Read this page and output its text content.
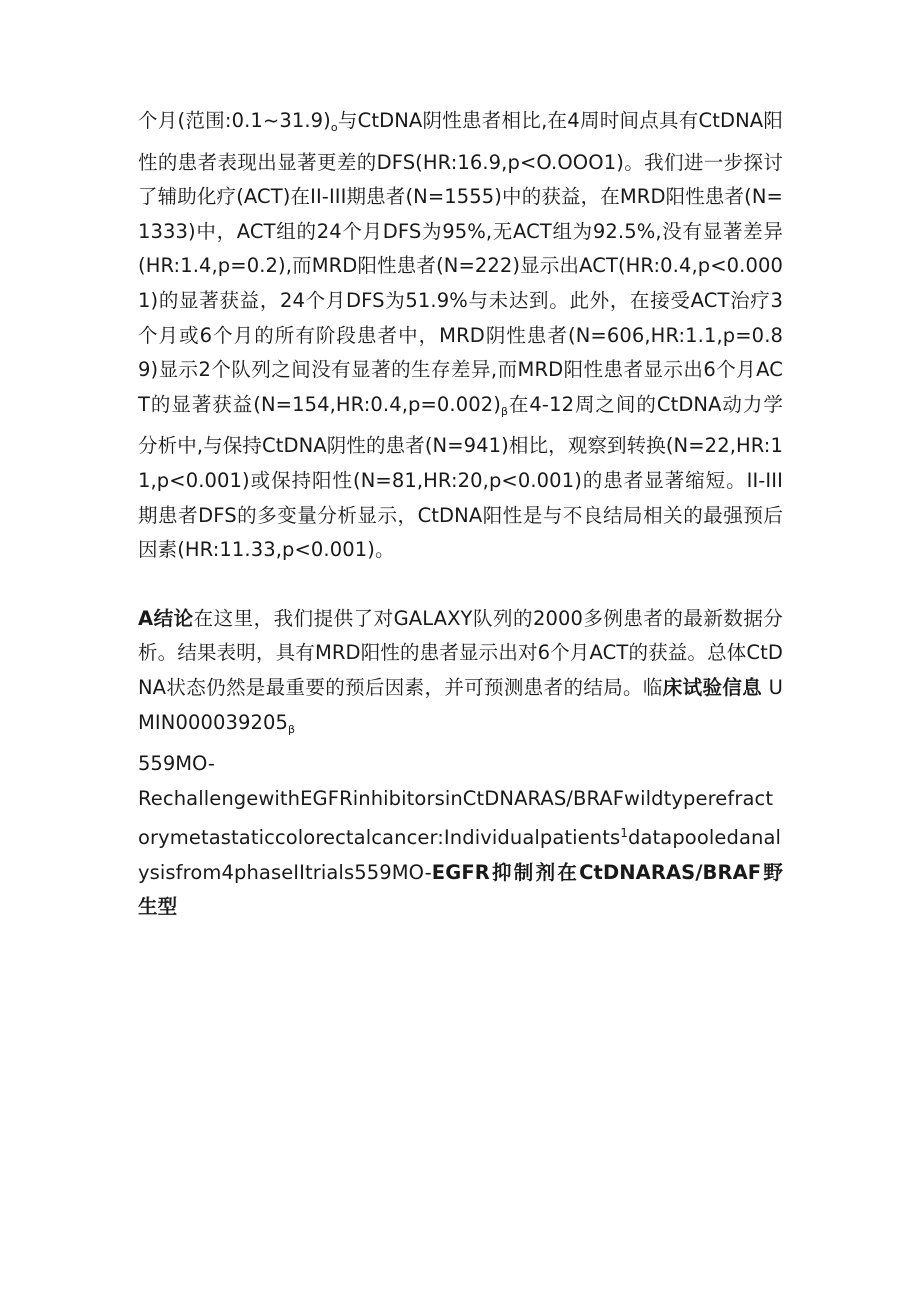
个月(范围$:0.1\sim 31.9)_o$与CtDNA阴性患者相比,在4周时间点具有CtDNA阳性的患者表现出显著更差的DFS(HR:16.9,p<O.OOO1)。我们进一步探讨了辅助化疗(ACT)在II-III期患者(N=1555)中的获益，在MRD阳性患者(N=1333)中，ACT组的24个月DFS为95%,无ACT组为92.5%,没有显著差异(HR:1.4,p=0.2),而MRD阳性患者(N=222)显示出ACT(HR:0.4,p<0.0001)的显著获益，24个月DFS为51.9%与未达到。此外，在接受ACT治疗3个月或6个月的所有阶段患者中，MRD阴性患者(N=606,HR:1.1,p=0.89)显示2个队列之间没有显著的生存差异,而MRD阳性患者显示出6个月ACT的显著获益$(N=154,HR:0.4,p=0.002)_\beta$在4-12周之间的CtDNA动力学分析中,与保持CtDNA阴性的患者(N=941)相比，观察到转换(N=22,HR:11,p<0.001)或保持阳性(N=81,HR:20,p<0.001)的患者显著缩短。II-III期患者DFS的多变量分析显示，CtDNA阳性是与不良结局相关的最强预后因素(HR:11.33,p<0.001)。

A结论在这里，我们提供了对GALAXY队列的2000多例患者的最新数据分析。结果表明，具有MRD阳性的患者显示出对6个月ACT的获益。总体CtDNA状态仍然是最重要的预后因素，并可预测患者的结局。临床试验信息 $UMIN000039205_\beta$

559MO-

RechallengewithEGFRinhibitorsinCtDNARAS/BRAFwildtyperefractorymetastaticcolorectalcancer:Individualpatients$^1$datapooledanalysisfrom4phaseIItrials559MO-EGFR抑制剂在CtDNARAS/BRAF野生型
